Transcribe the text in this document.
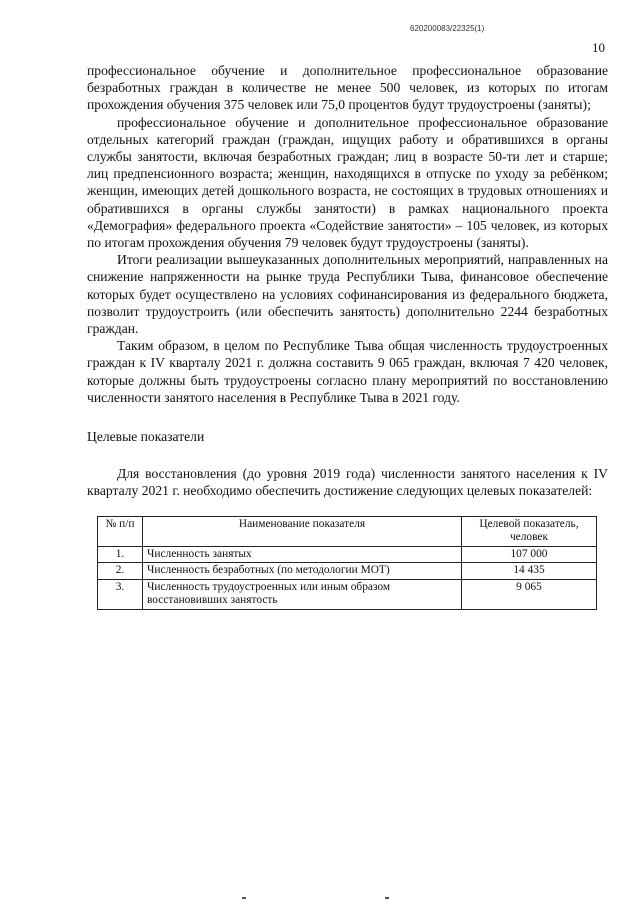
620200083/22325(1)
10

профессиональное обучение и дополнительное профессиональное образование безработных граждан в количестве не менее 500 человек, из которых по итогам прохождения обучения 375 человек или 75,0 процентов будут трудоустроены (заняты);

профессиональное обучение и дополнительное профессиональное образование отдельных категорий граждан (граждан, ищущих работу и обратившихся в органы службы занятости, включая безработных граждан; лиц в возрасте 50-ти лет и старше; лиц предпенсионного возраста; женщин, находящихся в отпуске по уходу за ребёнком; женщин, имеющих детей дошкольного возраста, не состоящих в трудовых отношениях и обратившихся в органы службы занятости) в рамках национального проекта «Демография» федерального проекта «Содействие занятости» – 105 человек, из которых по итогам прохождения обучения 79 человек будут трудоустроены (заняты).

Итоги реализации вышеуказанных дополнительных мероприятий, направленных на снижение напряженности на рынке труда Республики Тыва, финансовое обеспечение которых будет осуществлено на условиях софинансирования из федерального бюджета, позволит трудоустроить (или обеспечить занятость) дополнительно 2244 безработных граждан.

Таким образом, в целом по Республике Тыва общая численность трудоустроенных граждан к IV кварталу 2021 г. должна составить 9 065 граждан, включая 7 420 человек, которые должны быть трудоустроены согласно плану мероприятий по восстановлению численности занятого населения в Республике Тыва в 2021 году.

Целевые показатели

Для восстановления (до уровня 2019 года) численности занятого населения к IV кварталу 2021 г. необходимо обеспечить достижение следующих целевых показателей:

№ п/п	Наименование показателя	Целевой показатель, человек
1.	Численность занятых	107 000
2.	Численность безработных (по методологии МОТ)	14 435
3.	Численность трудоустроенных или иным образом восстановивших занятость	9 065
